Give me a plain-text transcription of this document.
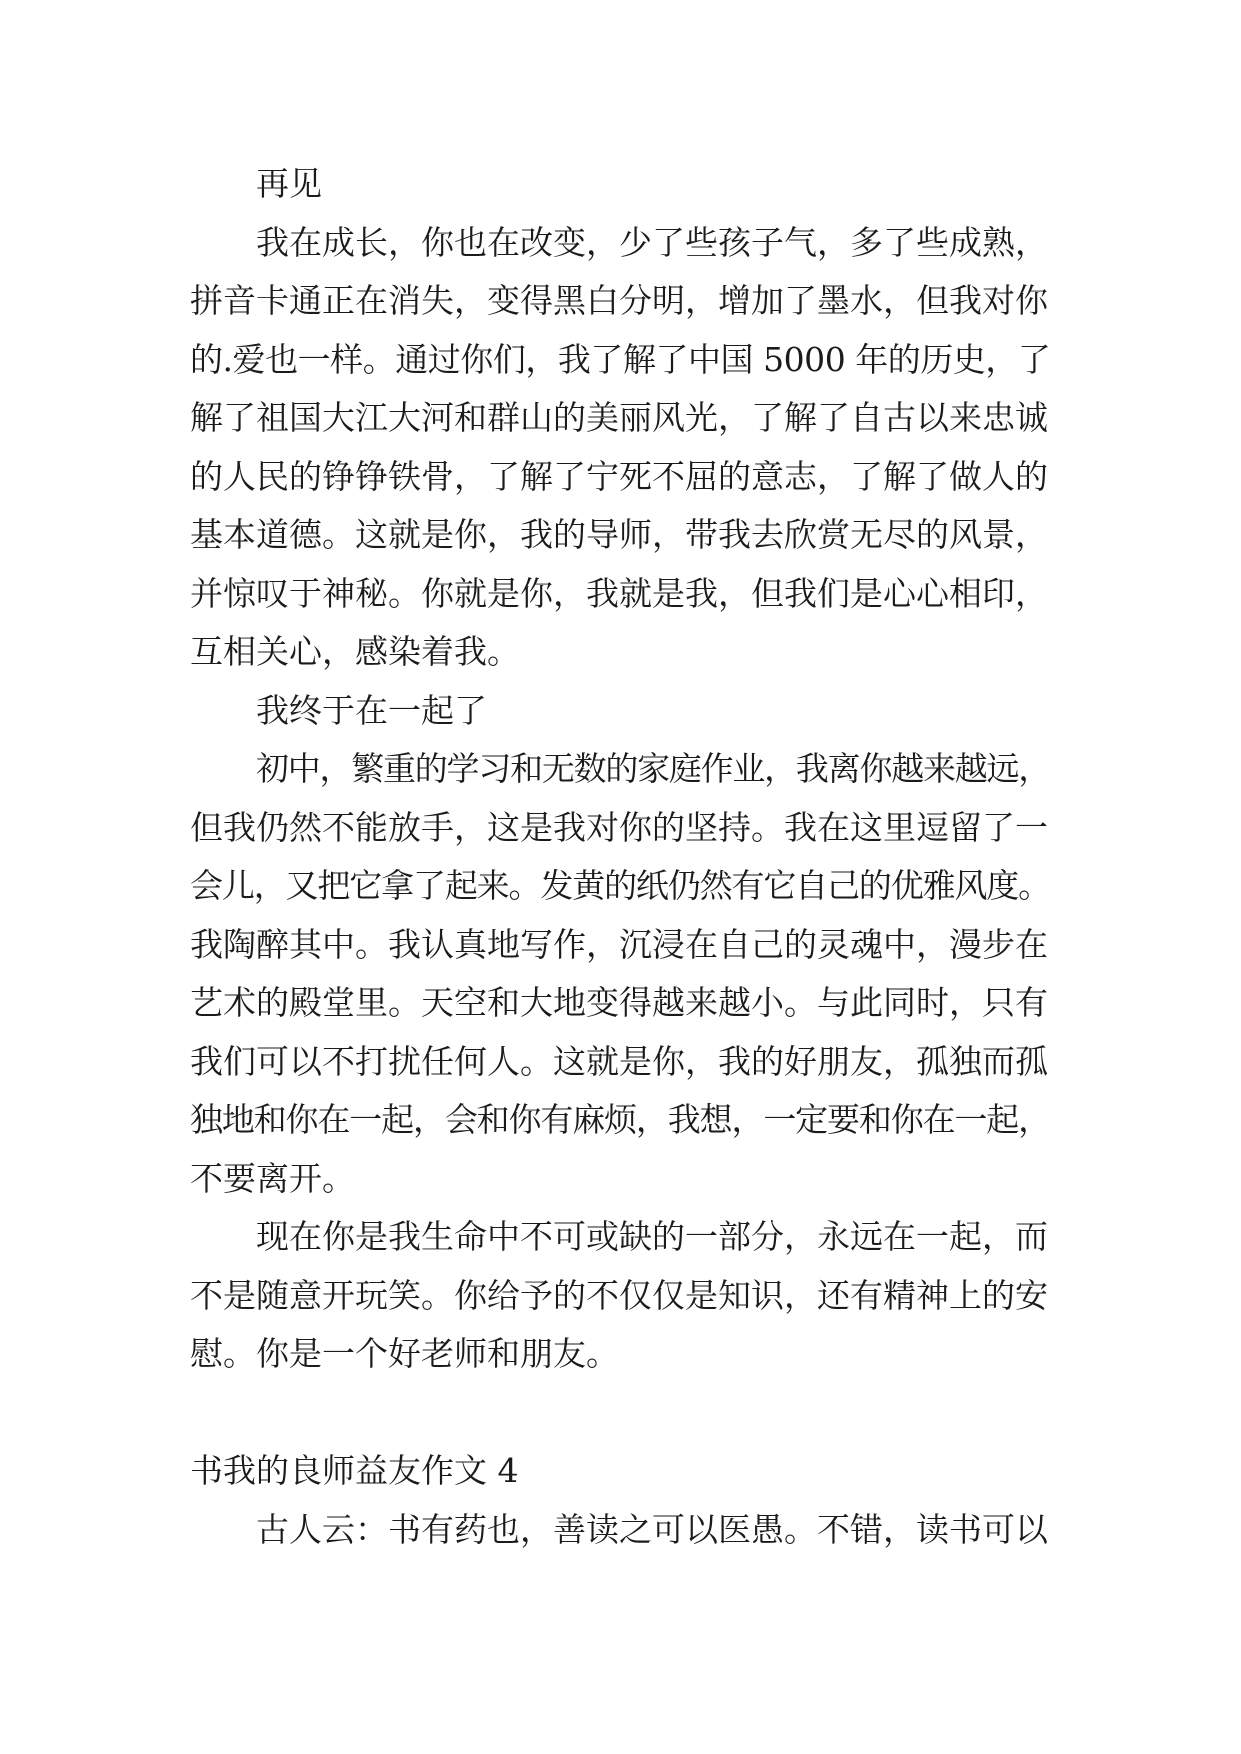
再见
我在成长，你也在改变，少了些孩子气，多了些成熟，
拼音卡通正在消失，变得黑白分明，增加了墨水，但我对你
的.爱也一样。通过你们，我了解了中国 5000 年的历史，了
解了祖国大江大河和群山的美丽风光，了解了自古以来忠诚
的人民的铮铮铁骨，了解了宁死不屈的意志，了解了做人的
基本道德。这就是你，我的导师，带我去欣赏无尽的风景，
并惊叹于神秘。你就是你，我就是我，但我们是心心相印，
互相关心，感染着我。
我终于在一起了
初中，繁重的学习和无数的家庭作业，我离你越来越远，
但我仍然不能放手，这是我对你的坚持。我在这里逗留了一
会儿，又把它拿了起来。发黄的纸仍然有它自己的优雅风度。
我陶醉其中。我认真地写作，沉浸在自己的灵魂中，漫步在
艺术的殿堂里。天空和大地变得越来越小。与此同时，只有
我们可以不打扰任何人。这就是你，我的好朋友，孤独而孤
独地和你在一起，会和你有麻烦，我想，一定要和你在一起，
不要离开。
现在你是我生命中不可或缺的一部分，永远在一起，而
不是随意开玩笑。你给予的不仅仅是知识，还有精神上的安
慰。你是一个好老师和朋友。
书我的良师益友作文 4
古人云：书有药也，善读之可以医愚。不错，读书可以
